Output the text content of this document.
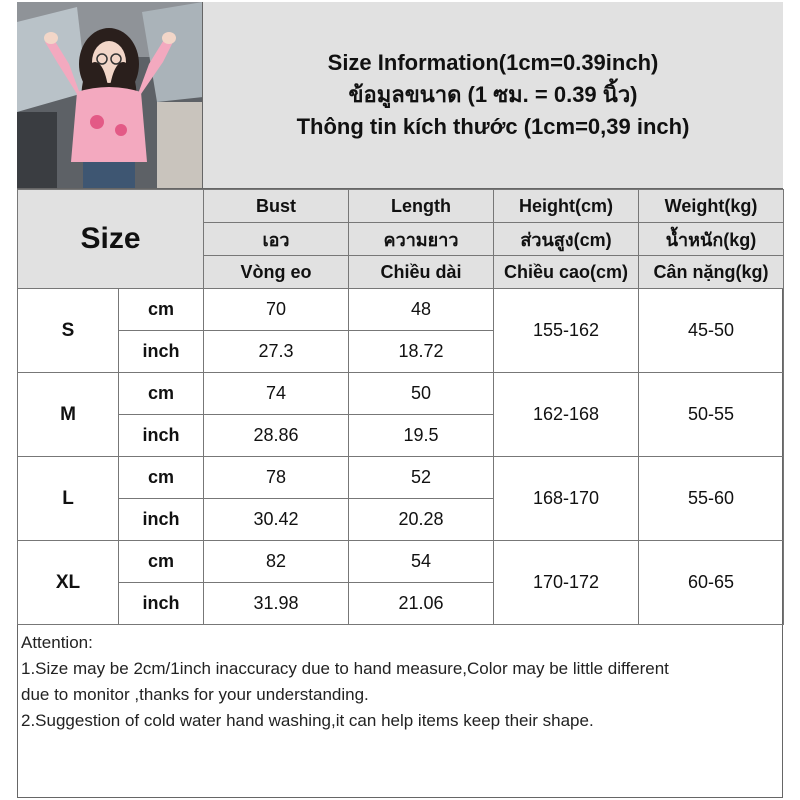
Size Information(1cm=0.39inch)
ข้อมูลขนาด (1 ซม. = 0.39 นิ้ว)
Thông tin kích thước (1cm=0,39 inch)
Size		Bust	Length	Height(cm)	Weight(kg)
		เอว	ความยาว	ส่วนสูง(cm)	น้ำหนัก(kg)
		Vòng eo	Chiều dài	Chiều cao(cm)	Cân nặng(kg)
S	cm	70	48	155-162	45-50
	inch	27.3	18.72		
M	cm	74	50	162-168	50-55
	inch	28.86	19.5		
L	cm	78	52	168-170	55-60
	inch	30.42	20.28		
XL	cm	82	54	170-172	60-65
	inch	31.98	21.06		

Attention:

1.Size may be 2cm/1inch inaccuracy due to hand measure,Color may be little different

due to monitor ,thanks for your understanding.

2.Suggestion of cold water hand washing,it can help items keep their shape.
